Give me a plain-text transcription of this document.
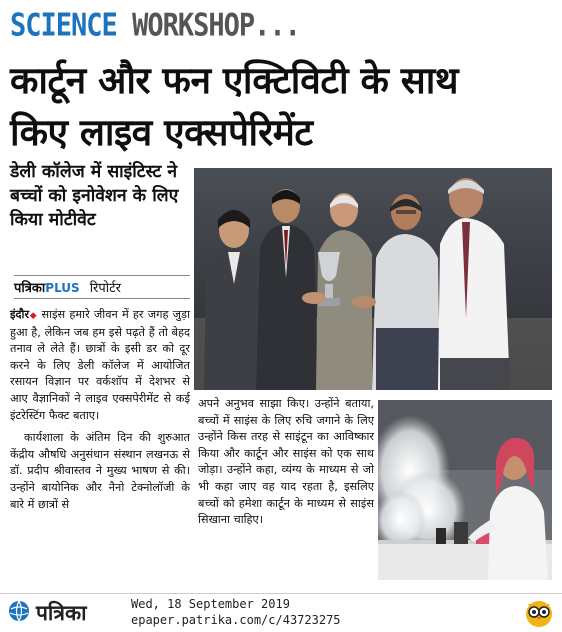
SCIENCE WORKSHOP...
कार्टून और फन एक्टिविटी के साथ
किए लाइव एक्सपेरिमेंट
डेली कॉलेज में साइंटिस्ट ने बच्चों को इनोवेशन के लिए किया मोटीवेट
पत्रिकाPLUS रिपोर्टर

इंदौर◆ साइंस हमारे जीवन में हर जगह जुड़ा हुआ है, लेकिन जब हम इसे पढ़ते हैं तो बेहद तनाव ले लेते हैं। छात्रों के इसी डर को दूर करने के लिए डेली कॉलेज में आयोजित रसायन विज्ञान पर वर्कशॉप में देशभर से आए वैज्ञानिकों ने लाइव एक्सपेरीमेंट से कई इंटरेस्टिंग फैक्ट बताए।

कार्यशाला के अंतिम दिन की शुरुआत केंद्रीय औषधि अनुसंधान संस्थान लखनऊ से डॉ. प्रदीप श्रीवास्तव ने मुख्य भाषण से की। उन्होंने बायोनिक और नैनो टेक्नोलॉजी के बारे में छात्रों से

अपने अनुभव साझा किए। उन्होंने बताया, बच्चों में साइंस के लिए रुचि जगाने के लिए उन्होंने किस तरह से साइंटून का आविष्कार किया और कार्टून और साइंस को एक साथ जोड़ा। उन्होंने कहा, व्यंग्य के माध्यम से जो भी कहा जाए वह याद रहता है, इसलिए बच्चों को हमेशा कार्टून के माध्यम से साइंस सिखाना चाहिए।

पत्रिका	Wed, 18 September 2019
epaper.patrika.com/c/43723275
